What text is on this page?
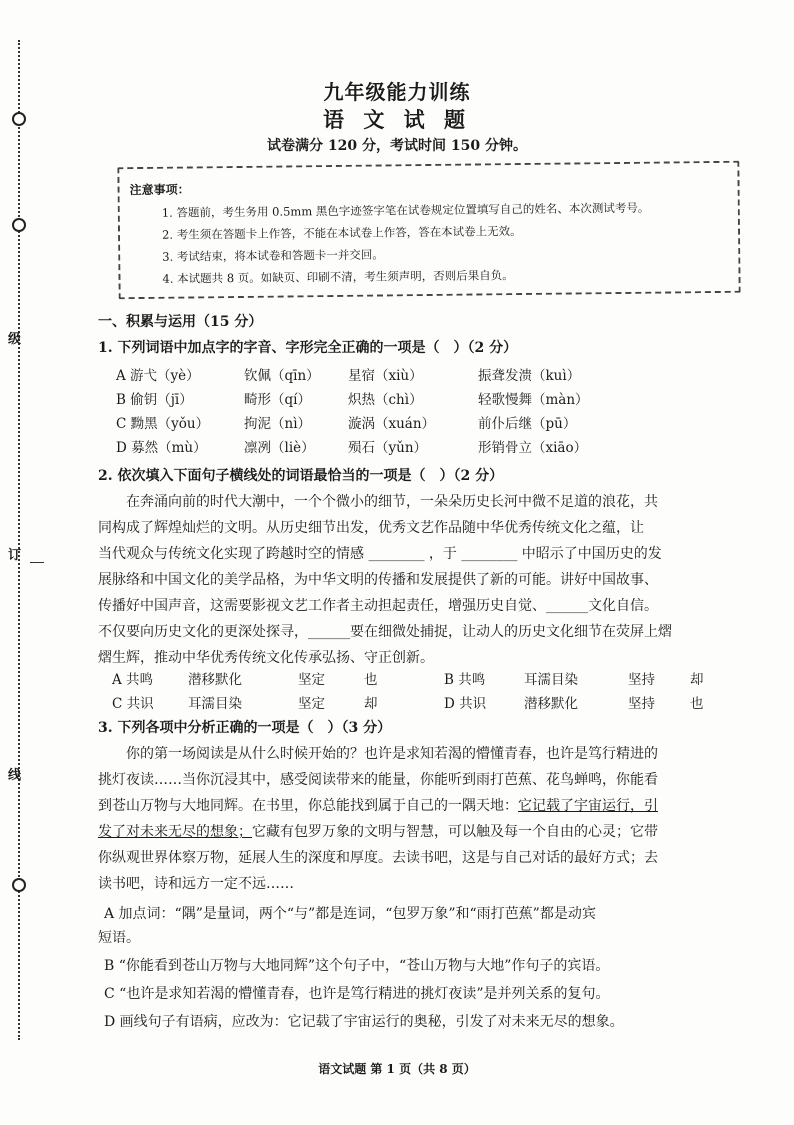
级
订
线
九年级能力训练
语 文 试 题
试卷满分 120 分，考试时间 150 分钟。
注意事项：
1. 答题前，考生务用 0.5mm 黑色字迹签字笔在试卷规定位置填写自己的姓名、本次测试考号。
2. 考生须在答题卡上作答，不能在本试卷上作答，答在本试卷上无效。
3. 考试结束，将本试卷和答题卡一并交回。
4. 本试题共 8 页。如缺页、印刷不清，考生须声明，否则后果自负。
一、积累与运用（15 分）
1. 下列词语中加点字的字音、字形完全正确的一项是（　）（2 分）
A 游弋（yè）	钦佩（qīn） 星宿（xiù）	振聋发溃（kuì）
B 偷钥（jī）	畸形（qí）	炽热（chì）	轻歌慢舞（màn）
C 黝黑（yǒu）	拘泥（nì）	漩涡（xuán）	前仆后继（pū）
D 募然（mù）	凛冽（liè） 殒石（yǔn）	形销骨立（xiāo）
2. 依次填入下面句子横线处的词语最恰当的一项是（　）（2 分）
　　在奔涌向前的时代大潮中，一个个微小的细节，一朵朵历史长河中微不足道的浪花，共
同构成了辉煌灿烂的文明。从历史细节出发，优秀文艺作品随中华优秀传统文化之蕴，让
当代观众与传统文化实现了跨越时空的情感 ________ ，于 ________ 中昭示了中国历史的发
展脉络和中国文化的美学品格，为中华文明的传播和发展提供了新的可能。讲好中国故事、
传播好中国声音，这需要影视文艺工作者主动担起责任，增强历史自觉、______文化自信。
不仅要向历史文化的更深处探寻，______要在细微处捕捉，让动人的历史文化细节在荧屏上熠
熠生辉，推动中华优秀传统文化传承弘扬、守正创新。
A 共鸣	潜移默化	坚定	也	B 共鸣	耳濡目染	坚持	却
C 共识	耳濡目染	坚定	却	D 共识	潜移默化	坚持	也
3. 下列各项中分析正确的一项是（　）（3 分）
　　你的第一场阅读是从什么时候开始的？也许是求知若渴的懵懂青春，也许是笃行精进的
挑灯夜读……当你沉浸其中，感受阅读带来的能量，你能听到雨打芭蕉、花鸟蝉鸣，你能看
到苍山万物与大地同辉。在书里，你总能找到属于自己的一隅天地：它记载了宇宙运行，引
发了对未来无尽的想象；它藏有包罗万象的文明与智慧，可以触及每一个自由的心灵；它带
你纵观世界体察万物，延展人生的深度和厚度。去读书吧，这是与自己对话的最好方式；去
读书吧，诗和远方一定不远……
A 加点词：“隅”是量词，两个“与”都是连词，“包罗万象”和“雨打芭蕉”都是动宾
短语。
B “你能看到苍山万物与大地同辉”这个句子中，“苍山万物与大地”作句子的宾语。
C “也许是求知若渴的懵懂青春，也许是笃行精进的挑灯夜读”是并列关系的复句。
D 画线句子有语病，应改为：它记载了宇宙运行的奥秘，引发了对未来无尽的想象。
语文试题 第 1 页（共 8 页）
